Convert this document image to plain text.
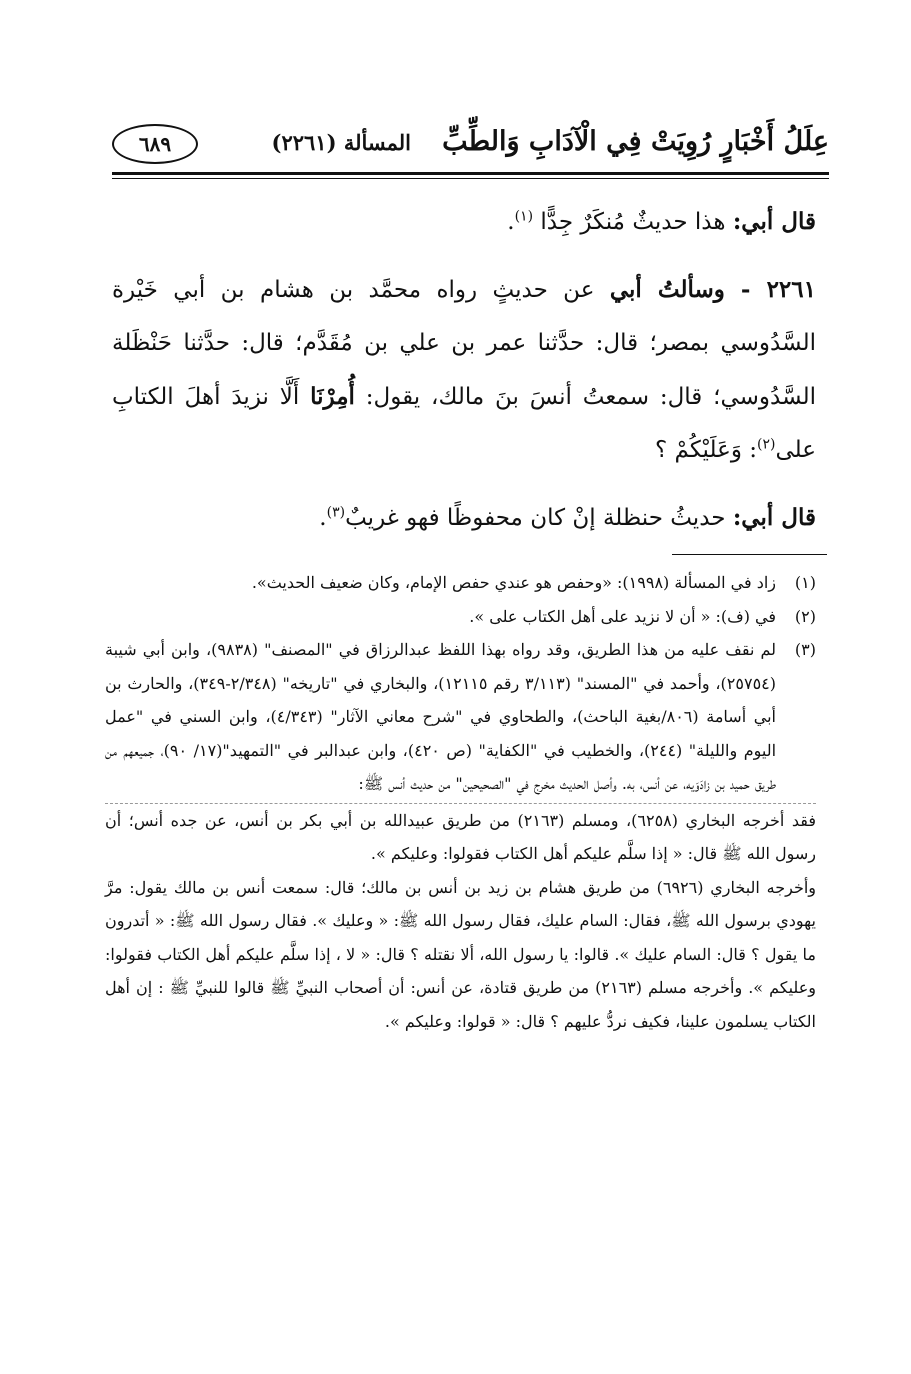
عِلَلُ أَخْبَارٍ رُوِيَتْ فِي الْآدَابِ وَالطِّبِّ
المسألة (٢٢٦١)
٦٨٩

قال أبي: هذا حديثٌ مُنكَرٌ جِدًّا $^{(١)}$.

٢٢٦١ - وسألتُ أبي عن حديثٍ رواه محمَّد بن هشام بن أبي خَيْرة السَّدُوسي بمصر؛ قال: حدَّثنا عمر بن علي بن مُقَدَّم؛ قال: حدَّثنا حَنْظَلة السَّدُوسي؛ قال: سمعتُ أنسَ بنَ مالك، يقول: أُمِرْنَا أَلَّا نزيدَ أهلَ الكتابِ على$^{(٢)}$: وَعَلَيْكُمْ ؟

قال أبي: حديثُ حنظلة إنْ كان محفوظًا فهو غريبٌ$^{(٣)}$.

(١)
زاد في المسألة (١٩٩٨): «وحفص هو عندي حفص الإمام، وكان ضعيف الحديث».
(٢)
في (ف): « أن لا نزيد على أهل الكتاب على ».
(٣)
لم نقف عليه من هذا الطريق، وقد رواه بهذا اللفظ عبدالرزاق في "المصنف" (٩٨٣٨)، وابن أبي شيبة (٢٥٧٥٤)، وأحمد في "المسند" (٣/١١٣ رقم ١٢١١٥)، والبخاري في "تاريخه" (٢/٣٤٨-٣٤٩)، والحارث بن أبي أسامة (٨٠٦/بغية الباحث)، والطحاوي في "شرح معاني الآثار" (٤/٣٤٣)، وابن السني في "عمل اليوم والليلة" (٢٤٤)، والخطيب في "الكفاية" (ص ٤٢٠)، وابن عبدالبر في "التمهيد"(١٧/ ٩٠)، جميعهم من طريق حميد بن زادَوَيه، عن أنس، به. وأصل الحديث مخرج في "الصحيحين" من حديث أنس ﷺ:

فقد أخرجه البخاري (٦٢٥٨)، ومسلم (٢١٦٣) من طريق عبيدالله بن أبي بكر بن أنس، عن جده أنس؛ أن رسول الله ﷺ قال: « إذا سلَّم عليكم أهل الكتاب فقولوا: وعليكم ».

وأخرجه البخاري (٦٩٢٦) من طريق هشام بن زيد بن أنس بن مالك؛ قال: سمعت أنس بن مالك يقول: مرَّ يهودي برسول الله ﷺ، فقال: السام عليك، فقال رسول الله ﷺ: « وعليك ». فقال رسول الله ﷺ: « أتدرون ما يقول ؟ قال: السام عليك ». قالوا: يا رسول الله، ألا نقتله ؟ قال: « لا ، إذا سلَّم عليكم أهل الكتاب فقولوا: وعليكم ». وأخرجه مسلم (٢١٦٣) من طريق قتادة، عن أنس: أن أصحاب النبيِّ ﷺ قالوا للنبيِّ ﷺ : إن أهل الكتاب يسلمون علينا، فكيف نردُّ عليهم ؟ قال: « قولوا: وعليكم ».
